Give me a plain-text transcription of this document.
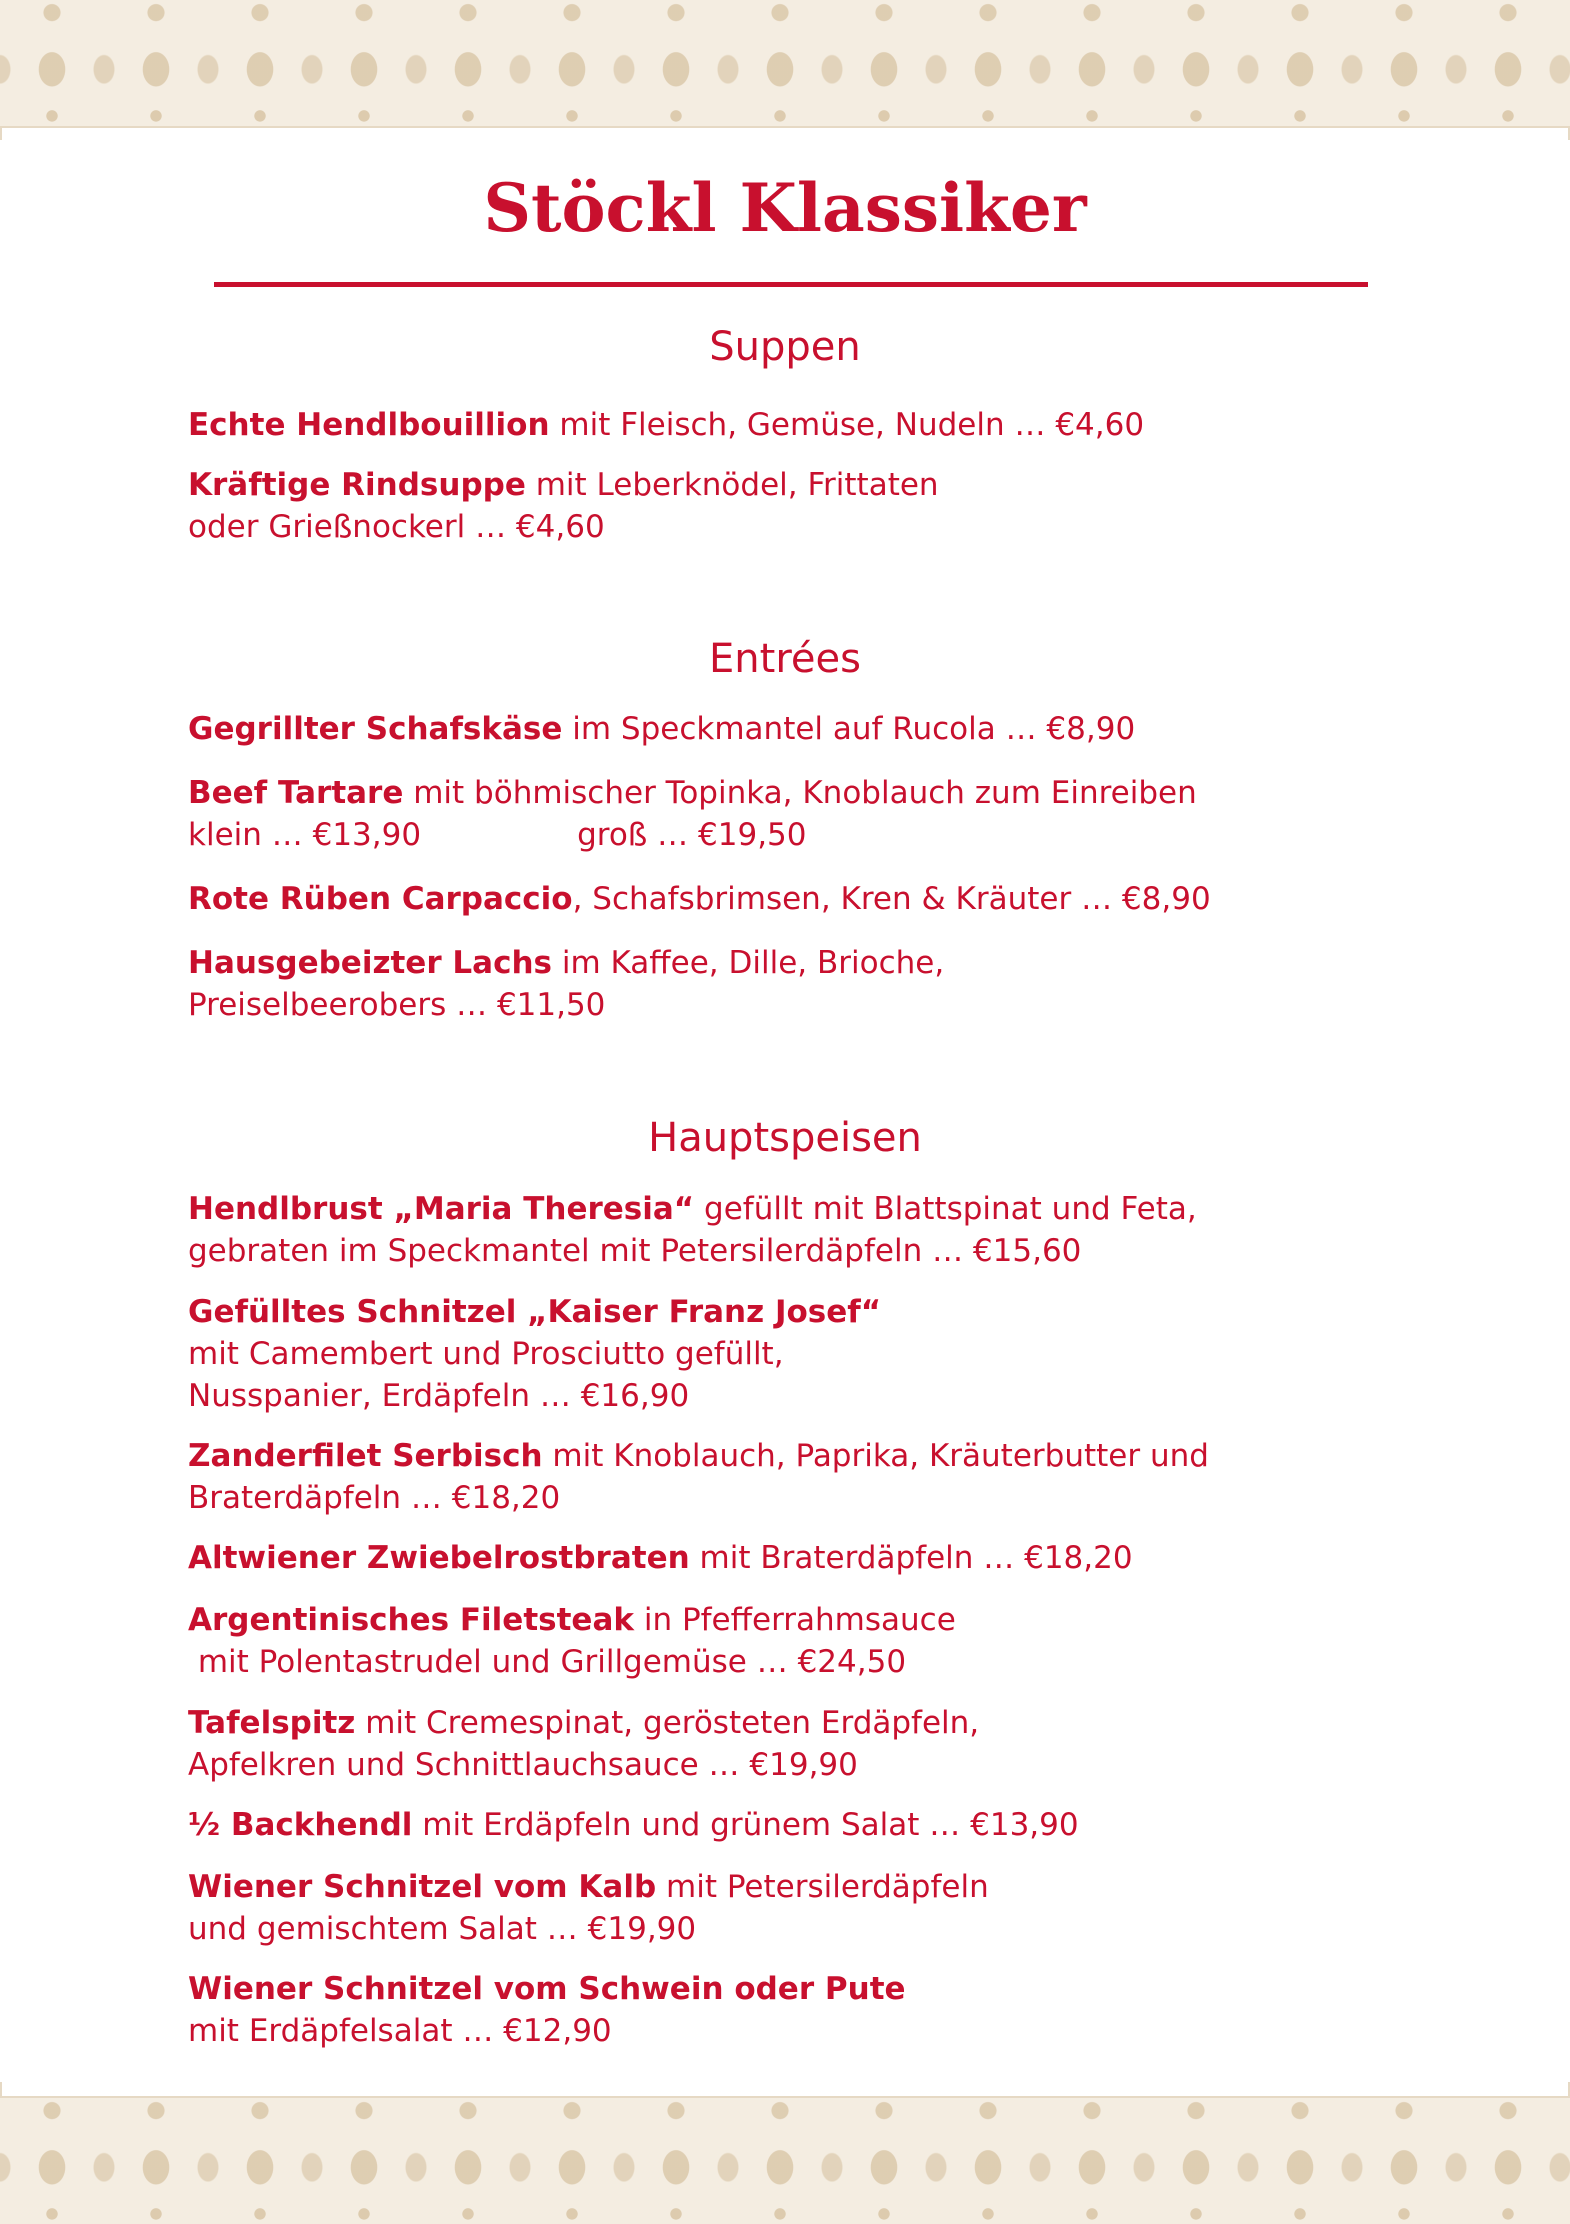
Stöckl Klassiker
Suppen

Echte Hendlbouillion mit Fleisch, Gemüse, Nudeln … €4,60

Kräftige Rindsuppe mit Leberknödel, Frittaten
oder Grießnockerl … €4,60

Entrées

Gegrillter Schafskäse im Speckmantel auf Rucola … €8,90

Beef Tartare mit böhmischer Topinka, Knoblauch zum Einreiben
klein … €13,90	groß … €19,50

Rote Rüben Carpaccio, Schafsbrimsen, Kren & Kräuter … €8,90

Hausgebeizter Lachs im Kaffee, Dille, Brioche,
Preiselbeerobers … €11,50

Hauptspeisen

Hendlbrust „Maria Theresia“ gefüllt mit Blattspinat und Feta,
gebraten im Speckmantel mit Petersilerdäpfeln … €15,60

Gefülltes Schnitzel „Kaiser Franz Josef“
mit Camembert und Prosciutto gefüllt,
Nusspanier, Erdäpfeln … €16,90

Zanderfilet Serbisch mit Knoblauch, Paprika, Kräuterbutter und
Braterdäpfeln … €18,20

Altwiener Zwiebelrostbraten mit Braterdäpfeln … €18,20

Argentinisches Filetsteak in Pfefferrahmsauce
mit Polentastrudel und Grillgemüse … €24,50

Tafelspitz mit Cremespinat, gerösteten Erdäpfeln,
Apfelkren und Schnittlauchsauce … €19,90

½ Backhendl mit Erdäpfeln und grünem Salat … €13,90

Wiener Schnitzel vom Kalb mit Petersilerdäpfeln
und gemischtem Salat … €19,90

Wiener Schnitzel vom Schwein oder Pute
mit Erdäpfelsalat … €12,90
